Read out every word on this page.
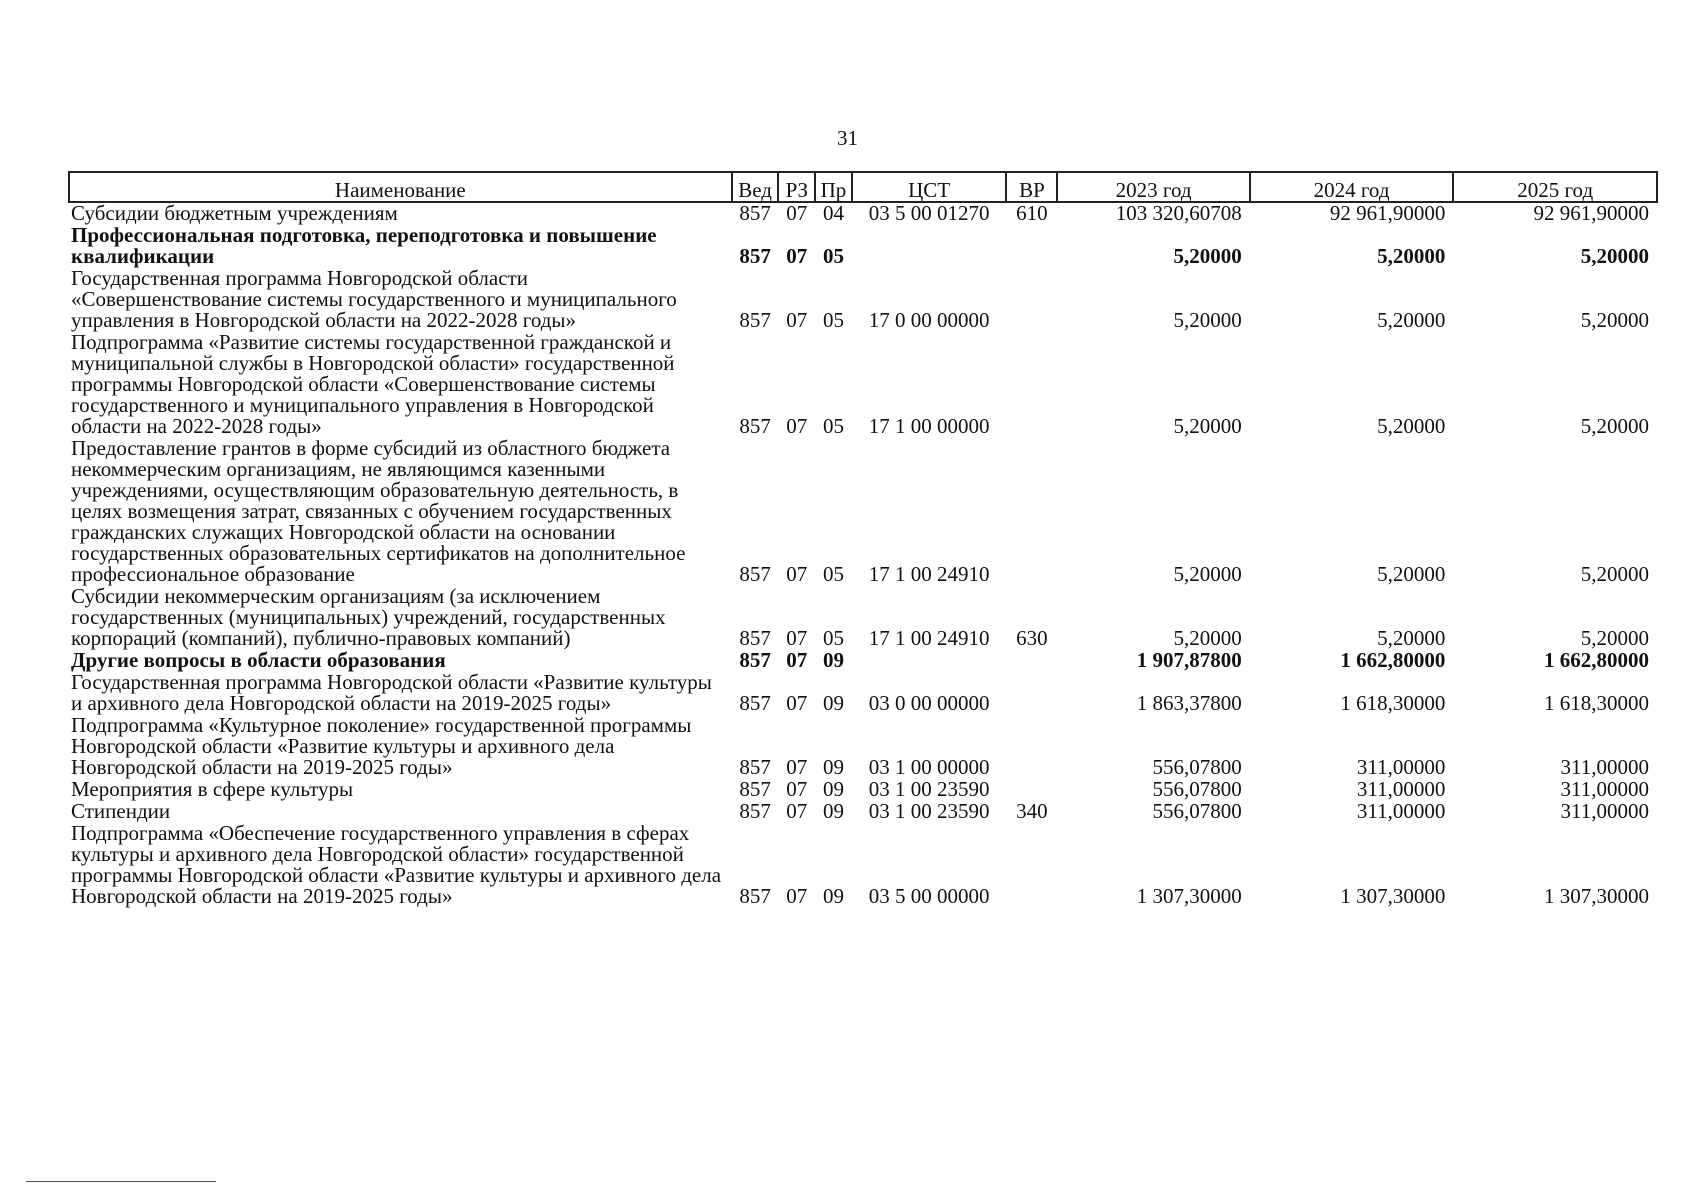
31
Наименование	Вед	РЗ	Пр	ЦСТ	ВР	2023 год	2024 год	2025 год
Субсидии бюджетным учреждениям	857	07	04	03 5 00 01270	610	103 320,60708	92 961,90000	92 961,90000
Профессиональная подготовка, переподготовка и повышение квалификации	857	07	05			5,20000	5,20000	5,20000
Государственная программа Новгородской области «Совершенствование системы государственного и муниципального управления в Новгородской области на 2022-2028 годы»	857	07	05	17 0 00 00000		5,20000	5,20000	5,20000
Подпрограмма «Развитие системы государственной гражданской и муниципальной службы в Новгородской области» государственной программы Новгородской области «Совершенствование системы государственного и муниципального управления в Новгородской области на 2022-2028 годы»	857	07	05	17 1 00 00000		5,20000	5,20000	5,20000
Предоставление грантов в форме субсидий из областного бюджета некоммерческим организациям, не являющимся казенными учреждениями, осуществляющим образовательную деятельность, в целях возмещения затрат, связанных с обучением государственных гражданских служащих Новгородской области на основании государственных образовательных сертификатов на дополнительное профессиональное образование	857	07	05	17 1 00 24910		5,20000	5,20000	5,20000
Субсидии некоммерческим организациям (за исключением государственных (муниципальных) учреждений, государственных корпораций (компаний), публично-правовых компаний)	857	07	05	17 1 00 24910	630	5,20000	5,20000	5,20000
Другие вопросы в области образования	857	07	09			1 907,87800	1 662,80000	1 662,80000
Государственная программа Новгородской области «Развитие культуры и архивного дела Новгородской области на 2019-2025 годы»	857	07	09	03 0 00 00000		1 863,37800	1 618,30000	1 618,30000
Подпрограмма «Культурное поколение» государственной программы Новгородской области «Развитие культуры и архивного дела Новгородской области на 2019-2025 годы»	857	07	09	03 1 00 00000		556,07800	311,00000	311,00000
Мероприятия в сфере культуры	857	07	09	03 1 00 23590		556,07800	311,00000	311,00000
Стипендии	857	07	09	03 1 00 23590	340	556,07800	311,00000	311,00000
Подпрограмма «Обеспечение государственного управления в сферах культуры и архивного дела Новгородской области» государственной программы Новгородской области «Развитие культуры и архивного дела Новгородской области на 2019-2025 годы»	857	07	09	03 5 00 00000		1 307,30000	1 307,30000	1 307,30000
